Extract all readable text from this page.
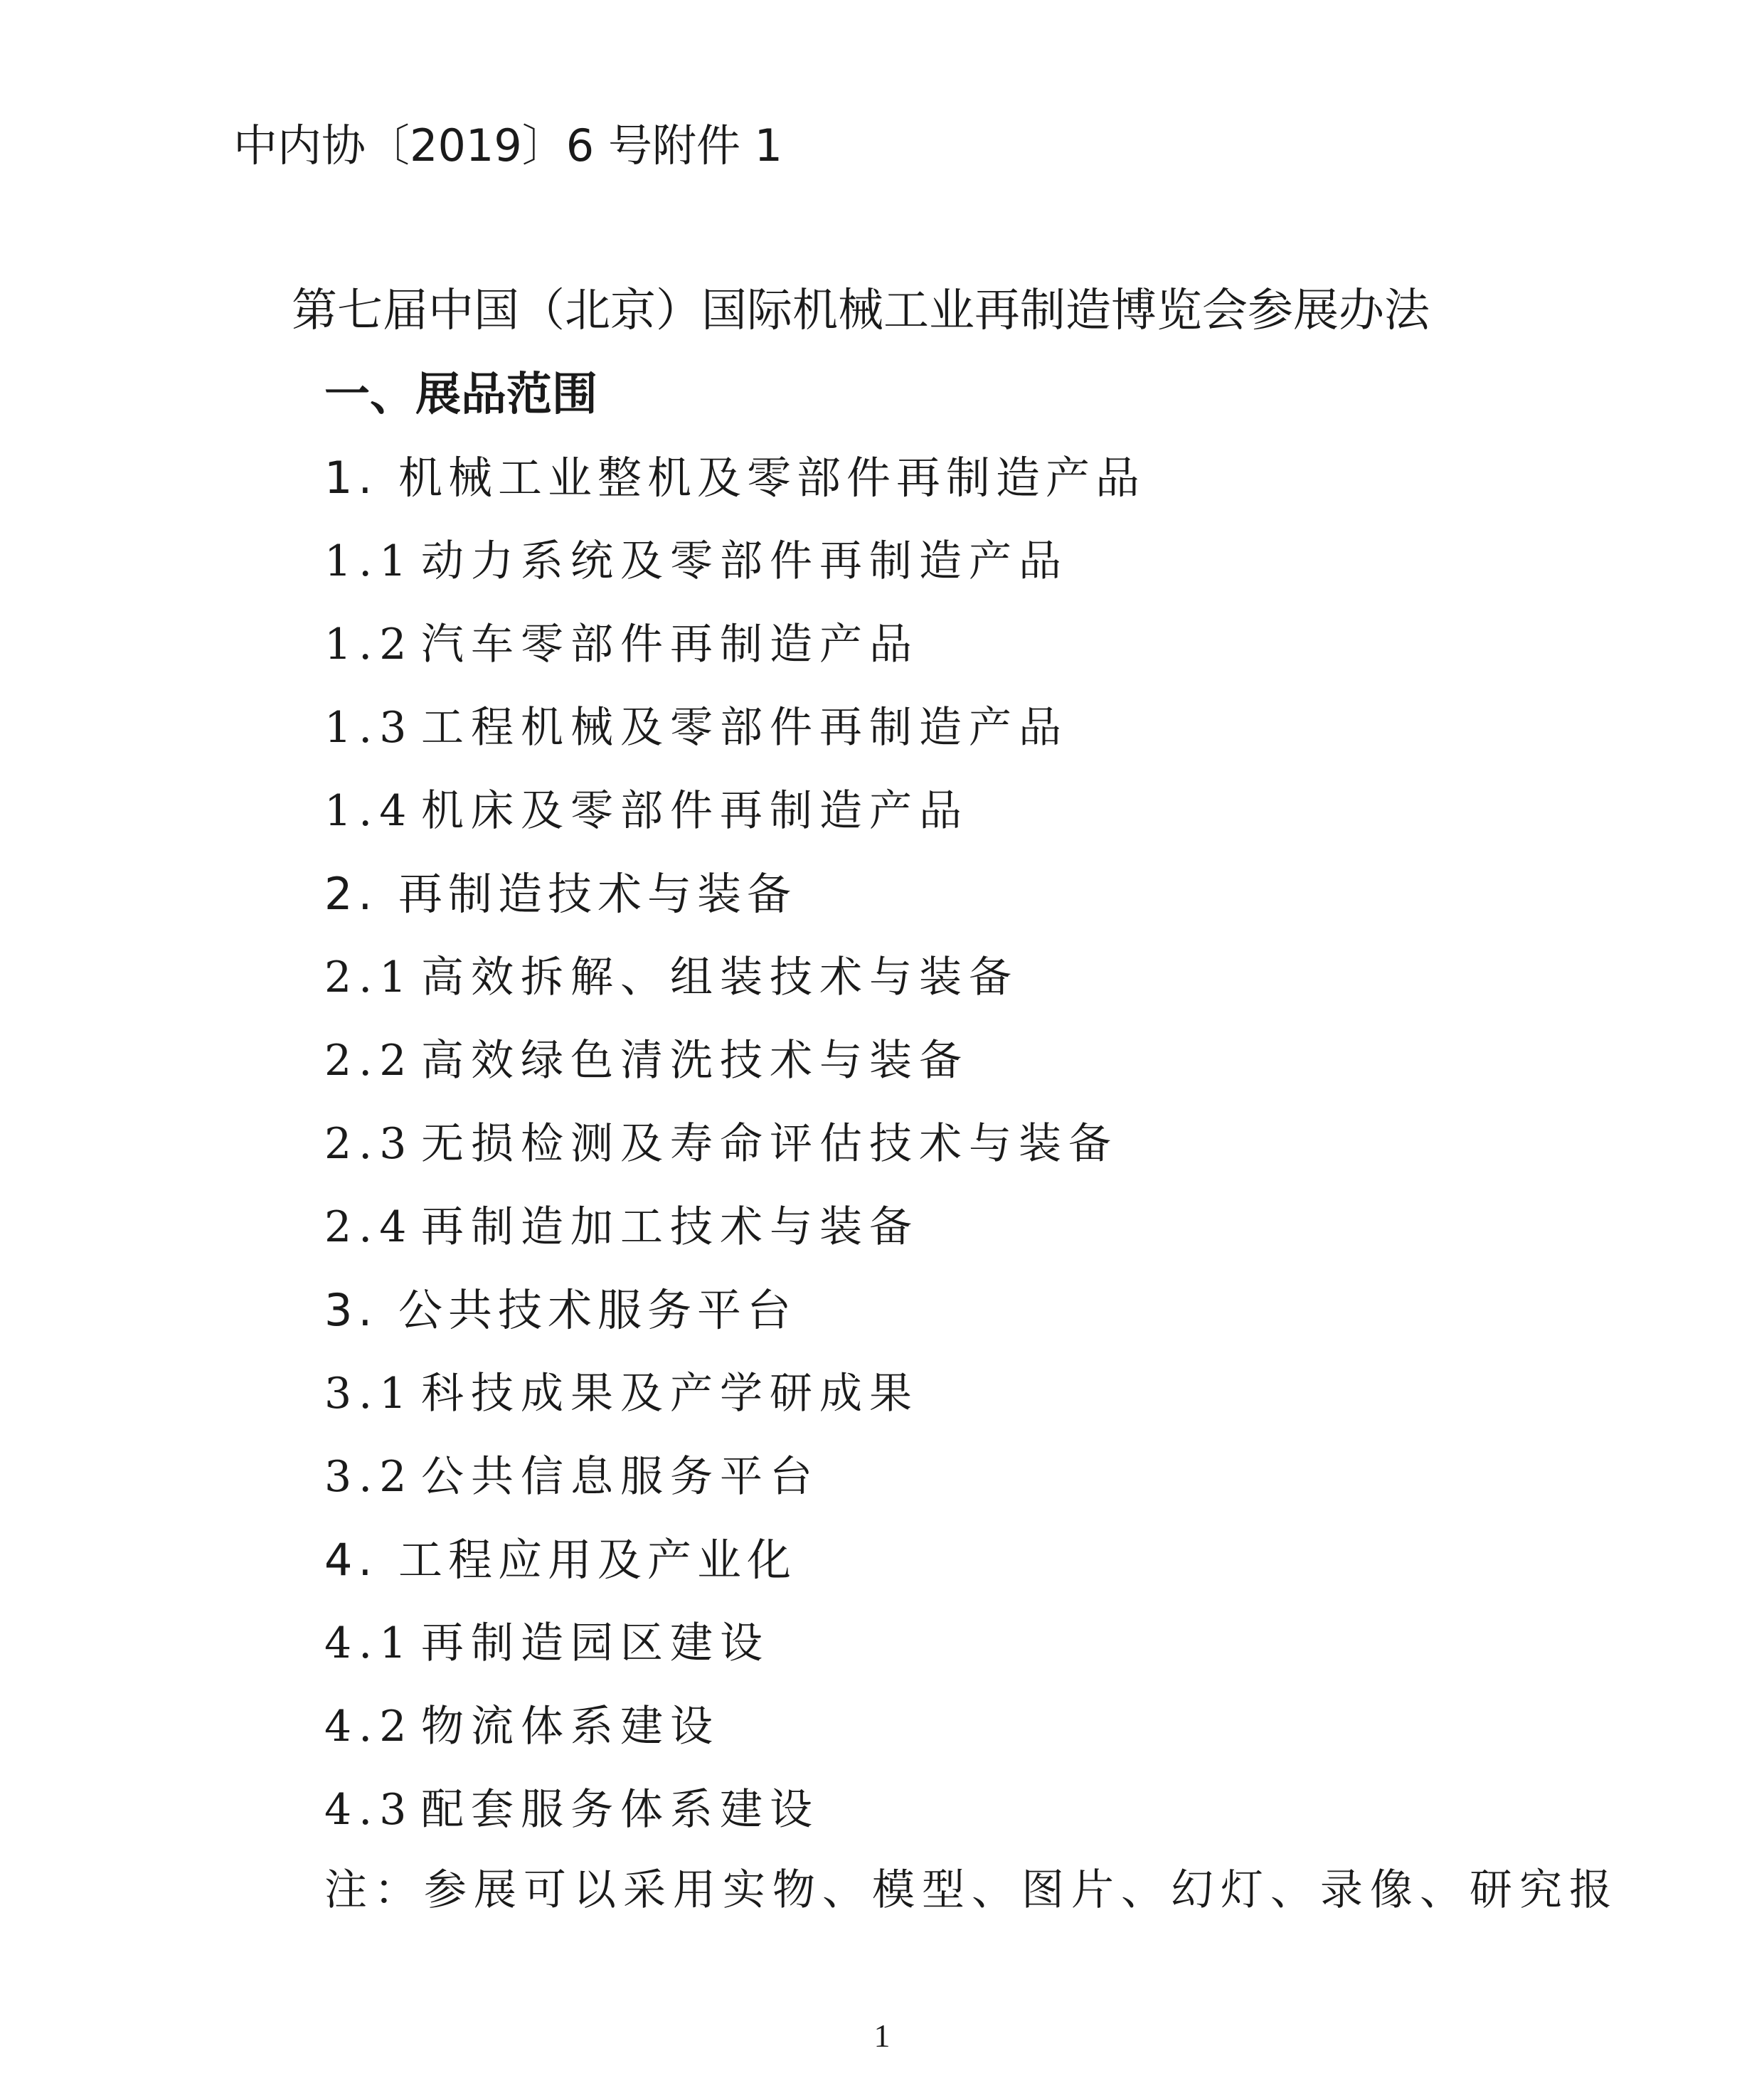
中内协〔2019〕6 号附件 1
第七届中国（北京）国际机械工业再制造博览会参展办法
一、展品范围
1. 机械工业整机及零部件再制造产品
1.1 动力系统及零部件再制造产品
1.2 汽车零部件再制造产品
1.3 工程机械及零部件再制造产品
1.4 机床及零部件再制造产品
2. 再制造技术与装备
2.1 高效拆解、组装技术与装备
2.2 高效绿色清洗技术与装备
2.3 无损检测及寿命评估技术与装备
2.4 再制造加工技术与装备
3. 公共技术服务平台
3.1 科技成果及产学研成果
3.2 公共信息服务平台
4. 工程应用及产业化
4.1 再制造园区建设
4.2 物流体系建设
4.3 配套服务体系建设
注：参展可以采用实物、模型、图片、幻灯、录像、研究报
1
